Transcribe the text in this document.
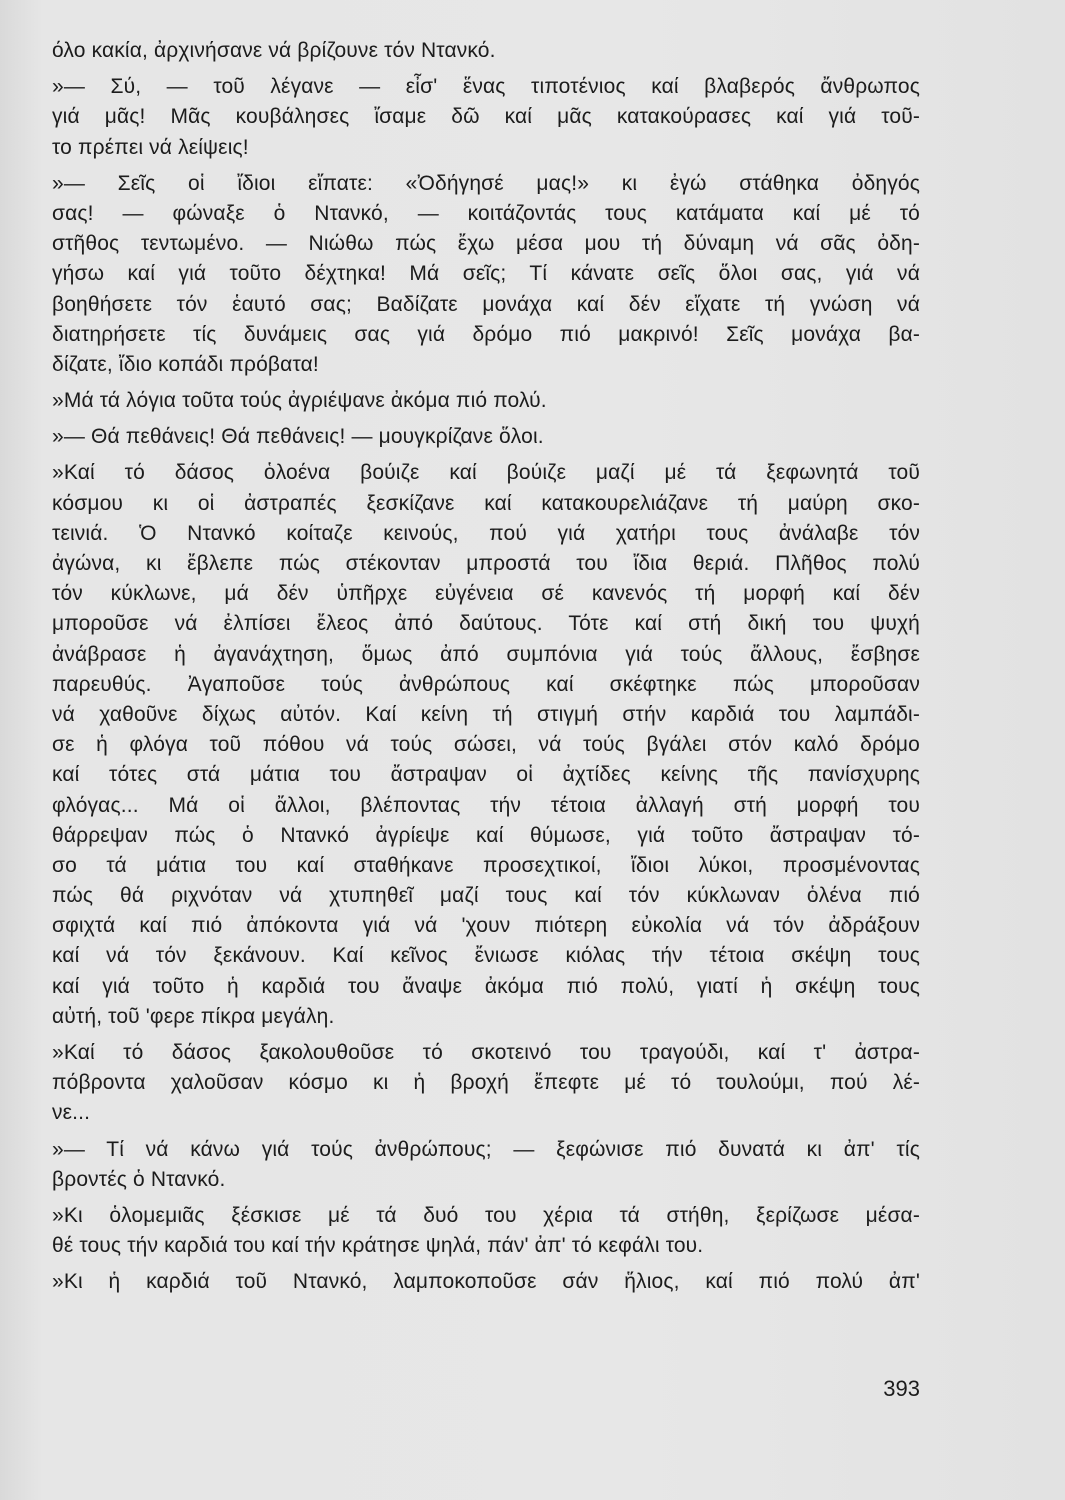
όλο κακία, ἀρχινήσανε νά βρίζουνε τόν Ντανκό.
»— Σύ, — τοῦ λέγανε — εἶσ' ἕνας τιποτένιος καί βλαβερός ἄνθρωπος
γιά μᾶς! Μᾶς κουβάλησες ἴσαμε δῶ καί μᾶς κατακούρασες καί γιά τοῦ-
το πρέπει νά λείψεις!
»— Σεῖς οἱ ἴδιοι εἴπατε: «Ὀδήγησέ μας!» κι ἐγώ στάθηκα ὀδηγός
σας! — φώναξε ὁ Ντανκό, — κοιτάζοντάς τους κατάματα καί μέ τό
στῆθος τεντωμένο. — Νιώθω πώς ἔχω μέσα μου τή δύναμη νά σᾶς ὀδη-
γήσω καί γιά τοῦτο δέχτηκα! Μά σεῖς; Τί κάνατε σεῖς ὅλοι σας, γιά νά
βοηθήσετε τόν ἑαυτό σας; Βαδίζατε μονάχα καί δέν εἴχατε τή γνώση νά
διατηρήσετε τίς δυνάμεις σας γιά δρόμο πιό μακρινό! Σεῖς μονάχα βα-
δίζατε, ἴδιο κοπάδι πρόβατα!
»Μά τά λόγια τοῦτα τούς ἀγριέψανε ἀκόμα πιό πολύ.
»— Θά πεθάνεις! Θά πεθάνεις! — μουγκρίζανε ὅλοι.
»Καί τό δάσος ὁλοένα βούιζε καί βούιζε μαζί μέ τά ξεφωνητά τοῦ
κόσμου κι οἱ ἀστραπές ξεσκίζανε καί κατακουρελιάζανε τή μαύρη σκο-
τεινιά. Ὁ Ντανκό κοίταζε κεινούς, πού γιά χατήρι τους ἀνάλαβε τόν
ἀγώνα, κι ἔβλεπε πώς στέκονταν μπροστά του ἴδια θεριά. Πλῆθος πολύ
τόν κύκλωνε, μά δέν ὑπῆρχε εὐγένεια σέ κανενός τή μορφή καί δέν
μποροῦσε νά ἐλπίσει ἔλεος ἀπό δαύτους. Τότε καί στή δική του ψυχή
ἀνάβρασε ἡ ἀγανάχτηση, ὅμως ἀπό συμπόνια γιά τούς ἄλλους, ἔσβησε
παρευθύς. Ἀγαποῦσε τούς ἀνθρώπους καί σκέφτηκε πώς μποροῦσαν
νά χαθοῦνε δίχως αὐτόν. Καί κείνη τή στιγμή στήν καρδιά του λαμπάδι-
σε ἡ φλόγα τοῦ πόθου νά τούς σώσει, νά τούς βγάλει στόν καλό δρόμο
καί τότες στά μάτια του ἄστραψαν οἱ ἀχτίδες κείνης τῆς πανίσχυρης
φλόγας... Μά οἱ ἄλλοι, βλέποντας τήν τέτοια ἀλλαγή στή μορφή του
θάρρεψαν πώς ὁ Ντανκό ἀγρίεψε καί θύμωσε, γιά τοῦτο ἄστραψαν τό-
σο τά μάτια του καί σταθήκανε προσεχτικοί, ἴδιοι λύκοι, προσμένοντας
πώς θά ριχνόταν νά χτυπηθεῖ μαζί τους καί τόν κύκλωναν ὁλένα πιό
σφιχτά καί πιό ἀπόκοντα γιά νά 'χουν πιότερη εὐκολία νά τόν ἀδράξουν
καί νά τόν ξεκάνουν. Καί κεῖνος ἔνιωσε κιόλας τήν τέτοια σκέψη τους
καί γιά τοῦτο ἡ καρδιά του ἄναψε ἀκόμα πιό πολύ, γιατί ἡ σκέψη τους
αὐτή, τοῦ 'φερε πίκρα μεγάλη.
»Καί τό δάσος ξακολουθοῦσε τό σκοτεινό του τραγούδι, καί τ' ἀστρα-
πόβροντα χαλοῦσαν κόσμο κι ἡ βροχή ἔπεφτε μέ τό τουλούμι, πού λέ-
νε...
»— Τί νά κάνω γιά τούς ἀνθρώπους; — ξεφώνισε πιό δυνατά κι ἀπ' τίς
βροντές ὁ Ντανκό.
»Κι ὁλομεμιᾶς ξέσκισε μέ τά δυό του χέρια τά στήθη, ξερίζωσε μέσα-
θέ τους τήν καρδιά του καί τήν κράτησε ψηλά, πάν' ἀπ' τό κεφάλι του.
»Κι ἡ καρδιά τοῦ Ντανκό, λαμποκοποῦσε σάν ἥλιος, καί πιό πολύ ἀπ'
393
